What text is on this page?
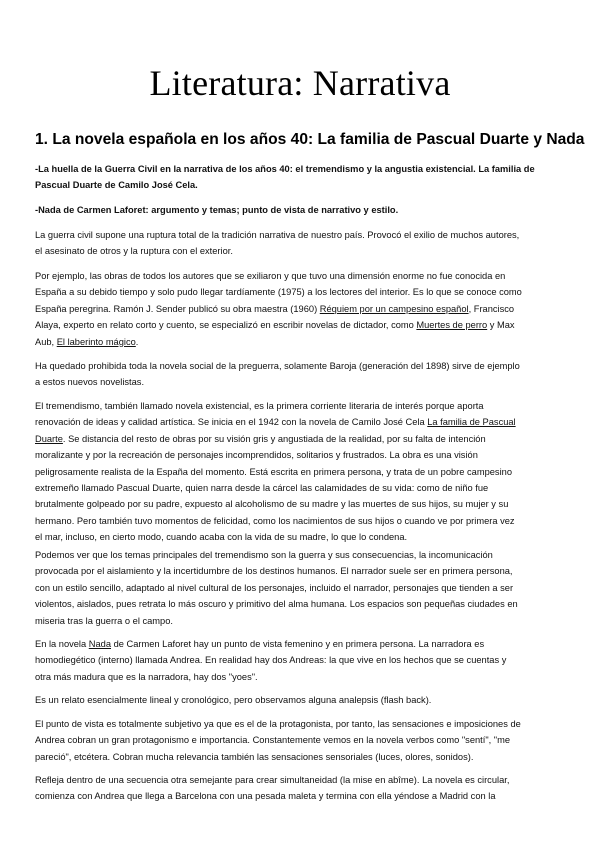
Literatura: Narrativa
1. La novela española en los años 40: La familia de Pascual Duarte y Nada

-La huella de la Guerra Civil en la narrativa de los años 40: el tremendismo y la angustia existencial. La familia de
Pascual Duarte de Camilo José Cela.

-Nada de Carmen Laforet: argumento y temas; punto de vista de narrativo y estilo.

La guerra civil supone una ruptura total de la tradición narrativa de nuestro país. Provocó el exilio de muchos autores,
el asesinato de otros y la ruptura con el exterior.

Por ejemplo, las obras de todos los autores que se exiliaron y que tuvo una dimensión enorme no fue conocida en
España a su debido tiempo y solo pudo llegar tardíamente (1975) a los lectores del interior. Es lo que se conoce como
España peregrina. Ramón J. Sender publicó su obra maestra (1960) Réquiem por un campesino español, Francisco
Alaya, experto en relato corto y cuento, se especializó en escribir novelas de dictador, como Muertes de perro y Max
Aub, El laberinto mágico.

Ha quedado prohibida toda la novela social de la preguerra, solamente Baroja (generación del 1898) sirve de ejemplo
a estos nuevos novelistas.

El tremendismo, también llamado novela existencial, es la primera corriente literaria de interés porque aporta
renovación de ideas y calidad artística. Se inicia en el 1942 con la novela de Camilo José Cela La familia de Pascual
Duarte. Se distancia del resto de obras por su visión gris y angustiada de la realidad, por su falta de intención
moralizante y por la recreación de personajes incomprendidos, solitarios y frustrados. La obra es una visión
peligrosamente realista de la España del momento. Está escrita en primera persona, y trata de un pobre campesino
extremeño llamado Pascual Duarte, quien narra desde la cárcel las calamidades de su vida: como de niño fue
brutalmente golpeado por su padre, expuesto al alcoholismo de su madre y las muertes de sus hijos, su mujer y su
hermano. Pero también tuvo momentos de felicidad, como los nacimientos de sus hijos o cuando ve por primera vez
el mar, incluso, en cierto modo, cuando acaba con la vida de su madre, lo que lo condena.

Podemos ver que los temas principales del tremendismo son la guerra y sus consecuencias, la incomunicación
provocada por el aislamiento y la incertidumbre de los destinos humanos. El narrador suele ser en primera persona,
con un estilo sencillo, adaptado al nivel cultural de los personajes, incluido el narrador, personajes que tienden a ser
violentos, aislados, pues retrata lo más oscuro y primitivo del alma humana. Los espacios son pequeñas ciudades en
miseria tras la guerra o el campo.

En la novela Nada de Carmen Laforet hay un punto de vista femenino y en primera persona. La narradora es
homodiegético (interno) llamada Andrea. En realidad hay dos Andreas: la que vive en los hechos que se cuentas y
otra más madura que es la narradora, hay dos "yoes".

Es un relato esencialmente lineal y cronológico, pero observamos alguna analepsis (flash back).

El punto de vista es totalmente subjetivo ya que es el de la protagonista, por tanto, las sensaciones e imposiciones de
Andrea cobran un gran protagonismo e importancia. Constantemente vemos en la novela verbos como "sentí", "me
pareció", etcétera. Cobran mucha relevancia también las sensaciones sensoriales (luces, olores, sonidos).

Refleja dentro de una secuencia otra semejante para crear simultaneidad (la mise en abîme). La novela es circular,
comienza con Andrea que llega a Barcelona con una pesada maleta y termina con ella yéndose a Madrid con la
